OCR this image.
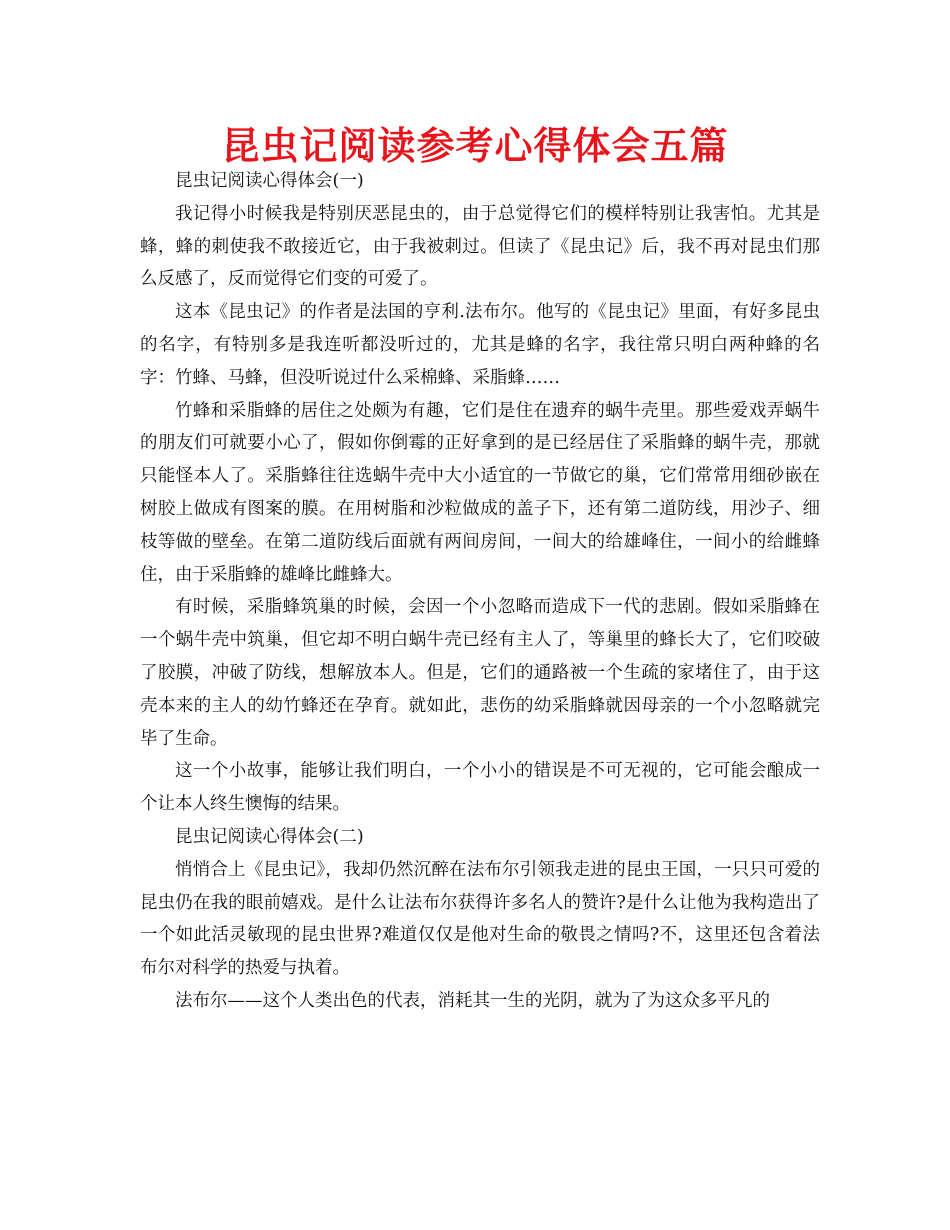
昆虫记阅读参考心得体会五篇

昆虫记阅读心得体会(一)

我记得小时候我是特别厌恶昆虫的，由于总觉得它们的模样特别让我害怕。尤其是蜂，蜂的刺使我不敢接近它，由于我被刺过。但读了《昆虫记》后，我不再对昆虫们那么反感了，反而觉得它们变的可爱了。

这本《昆虫记》的作者是法国的亨利.法布尔。他写的《昆虫记》里面，有好多昆虫的名字，有特别多是我连听都没听过的，尤其是蜂的名字，我往常只明白两种蜂的名字：竹蜂、马蜂，但没听说过什么采棉蜂、采脂蜂……

竹蜂和采脂蜂的居住之处颇为有趣，它们是住在遗弃的蜗牛壳里。那些爱戏弄蜗牛的朋友们可就要小心了，假如你倒霉的正好拿到的是已经居住了采脂蜂的蜗牛壳，那就只能怪本人了。采脂蜂往往选蜗牛壳中大小适宜的一节做它的巢，它们常常用细砂嵌在树胶上做成有图案的膜。在用树脂和沙粒做成的盖子下，还有第二道防线，用沙子、细枝等做的壁垒。在第二道防线后面就有两间房间，一间大的给雄峰住，一间小的给雌蜂住，由于采脂蜂的雄峰比雌蜂大。

有时候，采脂蜂筑巢的时候，会因一个小忽略而造成下一代的悲剧。假如采脂蜂在一个蜗牛壳中筑巢，但它却不明白蜗牛壳已经有主人了，等巢里的蜂长大了，它们咬破了胶膜，冲破了防线，想解放本人。但是，它们的通路被一个生疏的家堵住了，由于这壳本来的主人的幼竹蜂还在孕育。就如此，悲伤的幼采脂蜂就因母亲的一个小忽略就完毕了生命。

这一个小故事，能够让我们明白，一个小小的错误是不可无视的，它可能会酿成一个让本人终生懊悔的结果。

昆虫记阅读心得体会(二)

悄悄合上《昆虫记》，我却仍然沉醉在法布尔引领我走进的昆虫王国，一只只可爱的昆虫仍在我的眼前嬉戏。是什么让法布尔获得许多名人的赞许?是什么让他为我构造出了一个如此活灵敏现的昆虫世界?难道仅仅是他对生命的敬畏之情吗?不，这里还包含着法布尔对科学的热爱与执着。

法布尔——这个人类出色的代表，消耗其一生的光阴，就为了为这众多平凡的
